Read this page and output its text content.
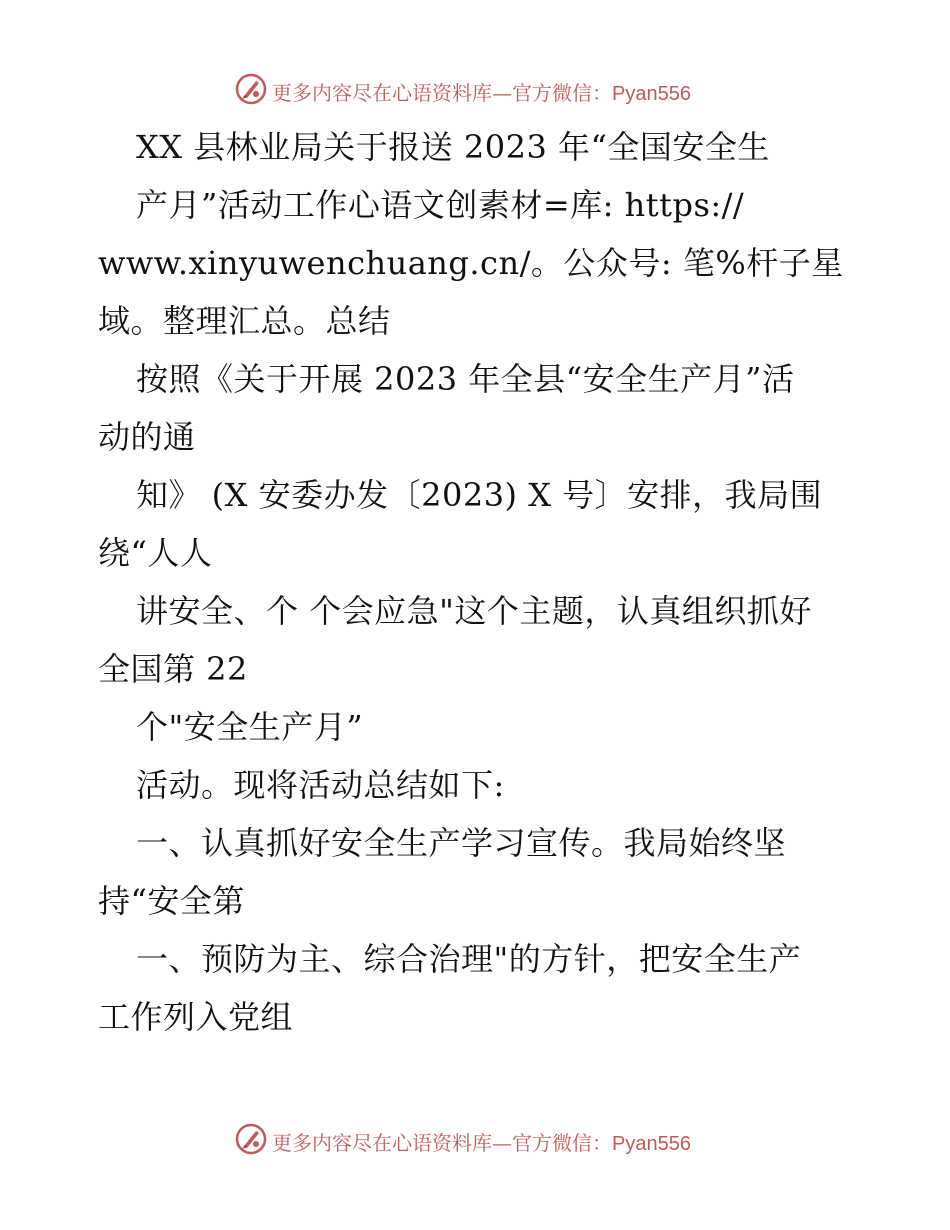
更多内容尽在心语资料库—官方微信：Pyan556
XX 县林业局关于报送 2023 年“全国安全生
产月”活动工作心语文创素材=库: https://
www.xinyuwenchuang.cn/。公众号: 笔%杆子星
域。整理汇总。总结
按照《关于开展 2023 年全县“安全生产月”活
动的通
知》 (X 安委办发〔2023) X 号〕安排，我局围
绕“人人
讲安全、个 个会应急"这个主题，认真组织抓好
全国第 22
个"安全生产月”
活动。现将活动总结如下:
一、认真抓好安全生产学习宣传。我局始终坚
持“安全第
一、预防为主、综合治理"的方针，把安全生产
工作列入党组
更多内容尽在心语资料库—官方微信：Pyan556
